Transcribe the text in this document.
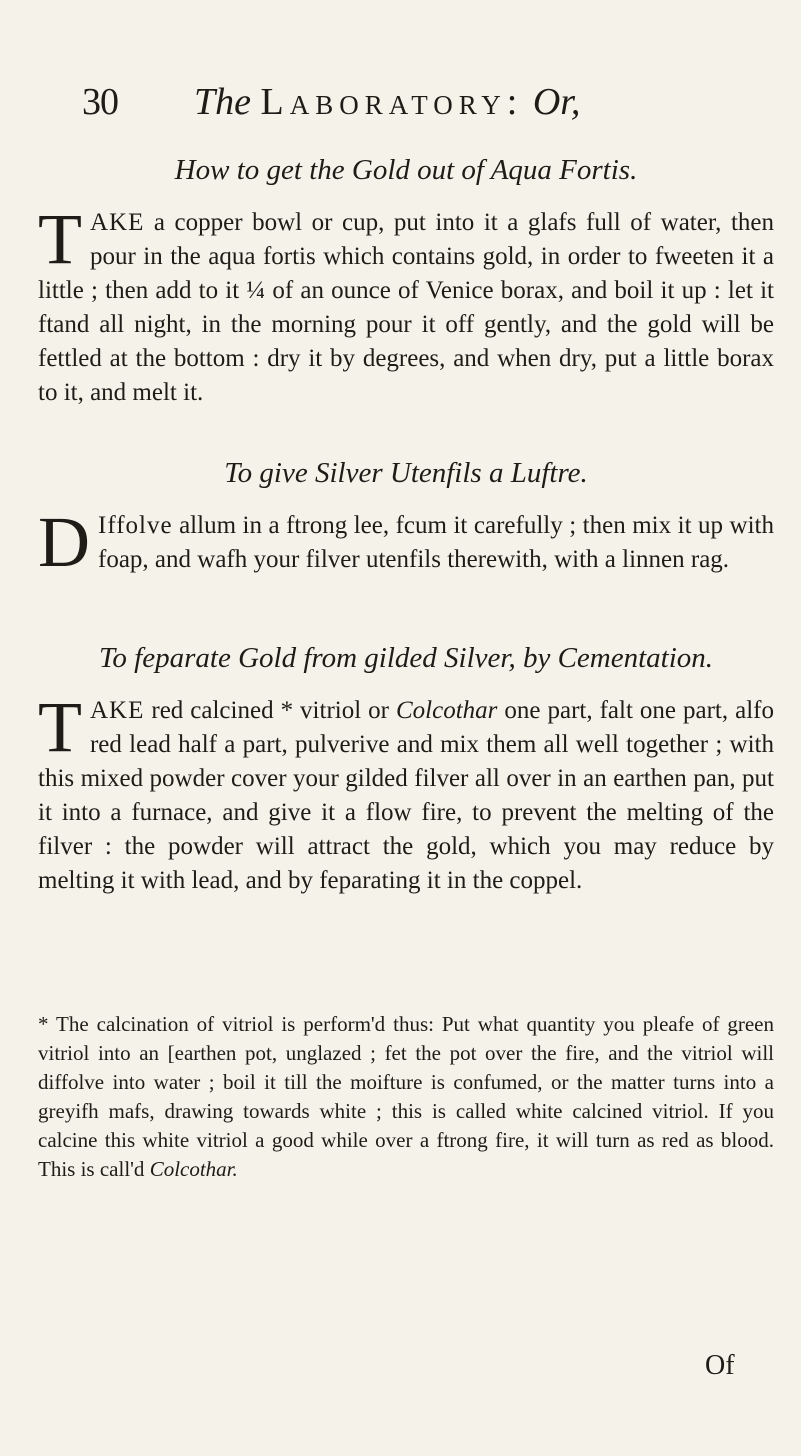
30 The Laboratory: Or,
How to get the Gold out of Aqua Fortis.

TAKE a copper bowl or cup, put into it a glafs full of water, then pour in the aqua fortis which contains gold, in order to fweeten it a little ; then add to it ¼ of an ounce of Venice borax, and boil it up : let it ftand all night, in the morning pour it off gently, and the gold will be fettled at the bottom : dry it by degrees, and when dry, put a little borax to it, and melt it.

To give Silver Utenfils a Luftre.

D Iffolve allum in a ftrong lee, fcum it carefully ; then mix it up with foap, and wafh your filver utenfils therewith, with a linnen rag.

To feparate Gold from gilded Silver, by Cementation.

TAKE red calcined * vitriol or Colcothar one part, falt one part, alfo red lead half a part, pulverive and mix them all well together ; with this mixed powder cover your gilded filver all over in an earthen pan, put it into a furnace, and give it a flow fire, to prevent the melting of the filver : the powder will attract the gold, which you may reduce by melting it with lead, and by feparating it in the coppel.

* The calcination of vitriol is perform'd thus: Put what quantity you pleafe of green vitriol into an [earthen pot, unglazed ; fet the pot over the fire, and the vitriol will diffolve into water ; boil it till the moifture is confumed, or the matter turns into a greyifh mafs, drawing towards white ; this is called white calcined vitriol. If you calcine this white vitriol a good while over a ftrong fire, it will turn as red as blood. This is call'd Colcothar.

Of
